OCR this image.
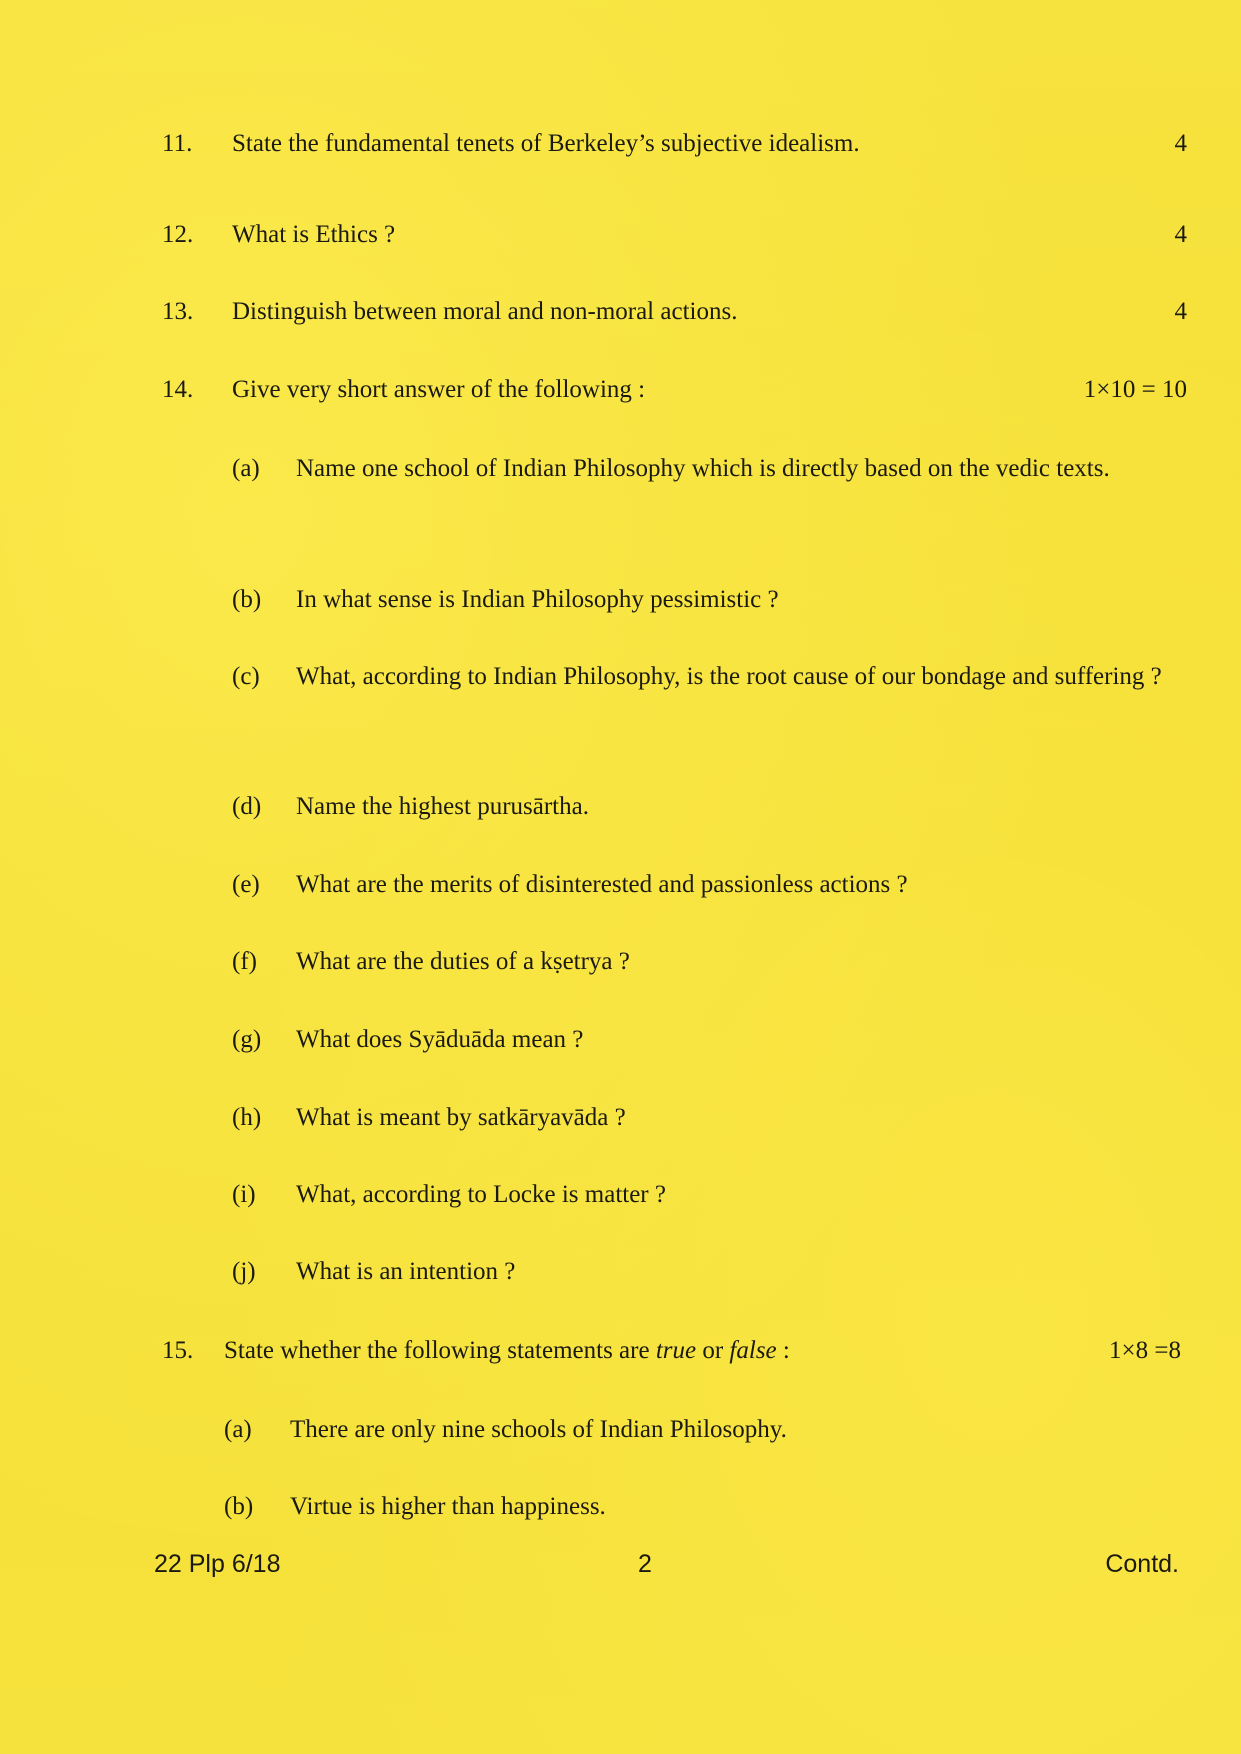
11. State the fundamental tenets of Berkeley’s subjective idealism.	4
12. What is Ethics ?	4
13. Distinguish between moral and non-moral actions.	4
14. Give very short answer of the following :	1×10 = 10
(a) Name one school of Indian Philosophy which is directly based on the vedic texts.
(b) In what sense is Indian Philosophy pessimistic ?
(c) What, according to Indian Philosophy, is the root cause of our bondage and suffering ?
(d) Name the highest purusārtha.
(e) What are the merits of disinterested and passionless actions ?
(f) What are the duties of a kṣetrya ?
(g) What does Syāduāda mean ?
(h) What is meant by satkāryavāda ?
(i) What, according to Locke is matter ?
(j) What is an intention ?
15. State whether the following statements are true or false :	1×8 =8
(a) There are only nine schools of Indian Philosophy.
(b) Virtue is higher than happiness.
22 Plp 6/18	2	Contd.
